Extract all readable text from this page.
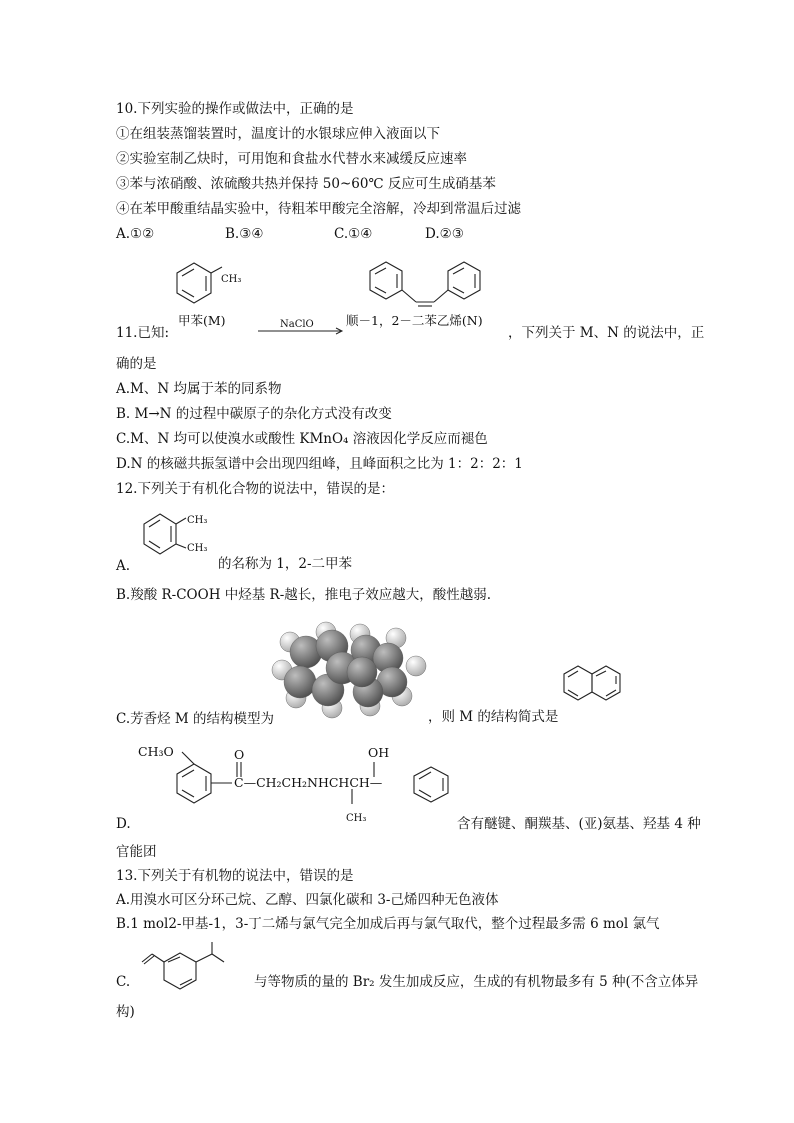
10.下列实验的操作或做法中，正确的是
①在组装蒸馏装置时，温度计的水银球应伸入液面以下
②实验室制乙炔时，可用饱和食盐水代替水来减缓反应速率
③苯与浓硝酸、浓硫酸共热并保持 50~60℃ 反应可生成硝基苯
④在苯甲酸重结晶实验中，待粗苯甲酸完全溶解，冷却到常温后过滤
A.①②	B.③④	C.①④	D.②③
CH₃
甲苯(M)
11.已知:
NaClO	顺－1，2－二苯乙烯(N)
，下列关于 M、N 的说法中，正
确的是
A.M、N 均属于苯的同系物
B. M→N 的过程中碳原子的杂化方式没有改变
C.M、N 均可以使溴水或酸性 KMnO₄ 溶液因化学反应而褪色
D.N 的核磁共振氢谱中会出现四组峰，且峰面积之比为 1：2：2：1
12.下列关于有机化合物的说法中，错误的是：
CH₃
CH₃
A.	的名称为 1，2-二甲苯
B.羧酸 R-COOH 中烃基 R-越长，推电子效应越大，酸性越弱.
C.芳香烃 M 的结构模型为	，则 M 的结构简式是
CH₃O	O	OH
C—CH₂CH₂NHCHCH—
CH₃
D.	含有醚键、酮羰基、(亚)氨基、羟基 4 种
官能团
13.下列关于有机物的说法中，错误的是
A.用溴水可区分环己烷、乙醇、四氯化碳和 3-己烯四种无色液体
B.1 mol2-甲基-1，3-丁二烯与氯气完全加成后再与氯气取代，整个过程最多需 6 mol 氯气
C.	与等物质的量的 Br₂ 发生加成反应，生成的有机物最多有 5 种(不含立体异
构)
